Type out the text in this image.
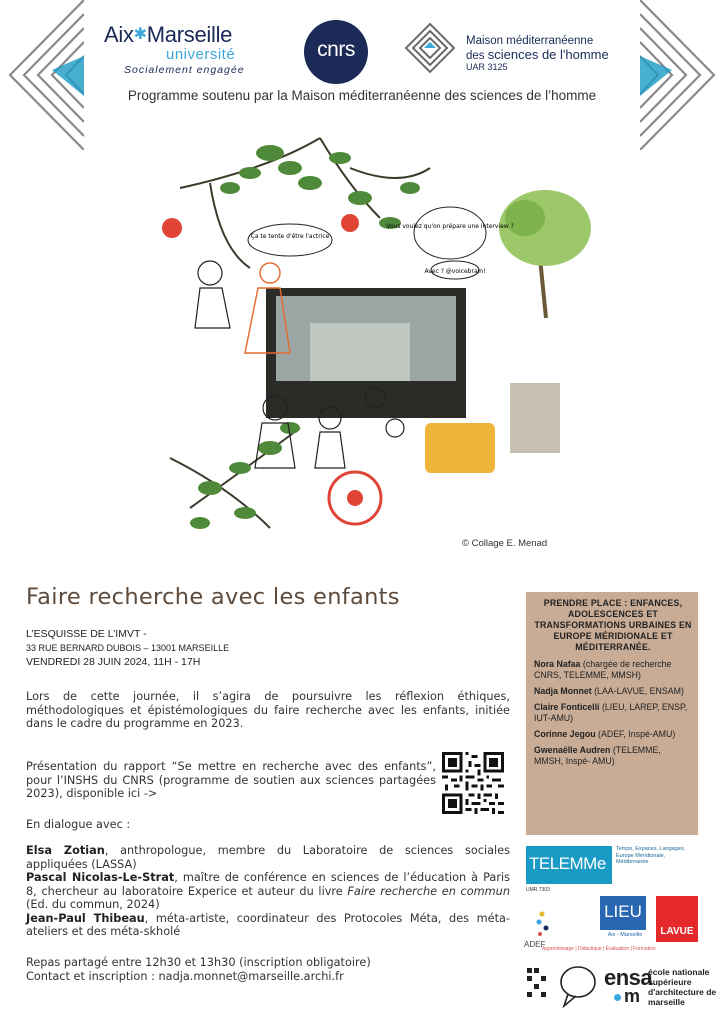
Aix✱Marseille
université
Socialement engagée
cnrs	Maison méditerranéenne
des sciences de l'homme
UAR 3125
Programme soutenu par la Maison méditerranéenne des sciences de l’homme
Ça te tente d'être l'actrice
Vous voulez qu'on prépare une interview ?
Avec ? @voicebrain!
© Collage E. Menad
Faire recherche avec les enfants
L’ESQUISSE DE L’IMVT -
33 RUE BERNARD DUBOIS – 13001 MARSEILLE
VENDREDI 28 JUIN 2024, 11H - 17H

Lors de cette journée, il s’agira de poursuivre les réflexion éthiques, méthodologiques et épistémologiques du faire recherche avec les enfants, initiée dans le cadre du programme en 2023.

Présentation du rapport “Se mettre en recherche avec des enfants”, pour l’INSHS du CNRS (programme de soutien aux sciences partagées 2023), disponible ici ->

En dialogue avec :

Elsa Zotian, anthropologue, membre du Laboratoire de sciences sociales appliquées (LASSA)
Pascal Nicolas-Le-Strat, maître de conférence en sciences de l’éducation à Paris 8, chercheur au laboratoire Experice et auteur du livre Faire recherche en commun (Ed. du commun, 2024)
Jean-Paul Thibeau, méta-artiste, coordinateur des Protocoles Méta, des méta-ateliers et des méta-skholé
Repas partagé entre 12h30 et 13h30 (inscription obligatoire)
Contact et inscription : nadja.monnet@marseille.archi.fr
PRENDRE PLACE : ENFANCES, ADOLESCENCES ET TRANSFORMATIONS URBAINES EN EUROPE MÉRIDIONALE ET MÉDITERRANÉE.
Nora Nafaa (chargée de recherche CNRS, TELEMME, MMSH)
Nadja Monnet (LAA-LAVUE, ENSAM)
Claire Fonticelli (LIEU, LAREP, ENSP, IUT-AMU)
Corinne Jegou (ADEF, Inspé-AMU)
Gwenaëlle Audren (TELEMME, MMSH, Inspé- AMU)
TELEMMe
Temps, Espaces, Langages, Europe Méridionale, Méditerranée
UMR 7303
ADEF
Apprentissage | Didactique | Évaluation | Formation
LIEU
Aix - Marseille	LAVUE
ensa
m
école nationale supérieure d'architecture de marseille
